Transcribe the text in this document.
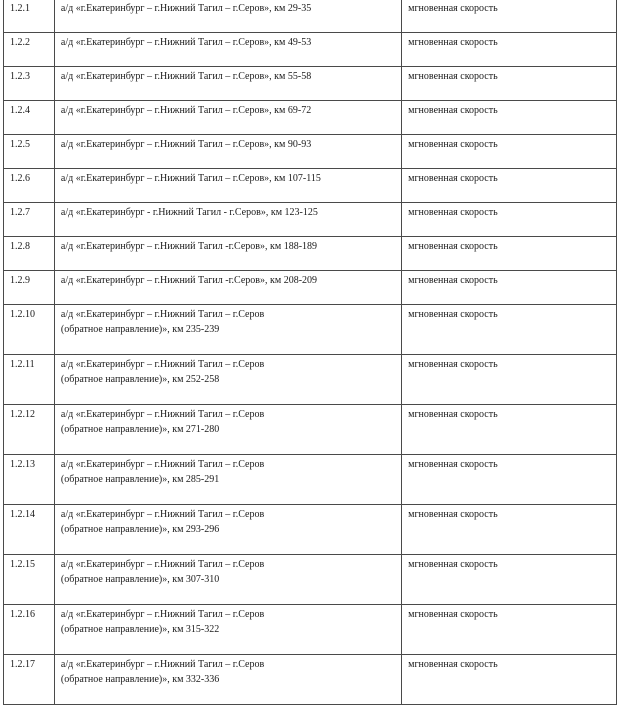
1.2.1	а/д «г.Екатеринбург – г.Нижний Тагил – г.Серов», км 29-35	мгновенная скорость
1.2.2	а/д «г.Екатеринбург – г.Нижний Тагил – г.Серов», км 49-53	мгновенная скорость
1.2.3	а/д «г.Екатеринбург – г.Нижний Тагил – г.Серов», км 55-58	мгновенная скорость
1.2.4	а/д «г.Екатеринбург – г.Нижний Тагил – г.Серов», км 69-72	мгновенная скорость
1.2.5	а/д «г.Екатеринбург – г.Нижний Тагил – г.Серов», км 90-93	мгновенная скорость
1.2.6	а/д «г.Екатеринбург – г.Нижний Тагил – г.Серов», км 107-115	мгновенная скорость
1.2.7	а/д «г.Екатеринбург - г.Нижний Тагил - г.Серов», км 123-125	мгновенная скорость
1.2.8	а/д «г.Екатеринбург – г.Нижний Тагил -г.Серов», км 188-189	мгновенная скорость
1.2.9	а/д «г.Екатеринбург – г.Нижний Тагил -г.Серов», км 208-209	мгновенная скорость
1.2.10	а/д «г.Екатеринбург – г.Нижний Тагил – г.Серов
(обратное направление)», км 235-239	мгновенная скорость
1.2.11	а/д «г.Екатеринбург – г.Нижний Тагил – г.Серов
(обратное направление)», км 252-258	мгновенная скорость
1.2.12	а/д «г.Екатеринбург – г.Нижний Тагил – г.Серов
(обратное направление)», км 271-280	мгновенная скорость
1.2.13	а/д «г.Екатеринбург – г.Нижний Тагил – г.Серов
(обратное направление)», км 285-291	мгновенная скорость
1.2.14	а/д «г.Екатеринбург – г.Нижний Тагил – г.Серов
(обратное направление)», км 293-296	мгновенная скорость
1.2.15	а/д «г.Екатеринбург – г.Нижний Тагил – г.Серов
(обратное направление)», км 307-310	мгновенная скорость
1.2.16	а/д «г.Екатеринбург – г.Нижний Тагил – г.Серов
(обратное направление)», км 315-322	мгновенная скорость
1.2.17	а/д «г.Екатеринбург – г.Нижний Тагил – г.Серов
(обратное направление)», км 332-336	мгновенная скорость
